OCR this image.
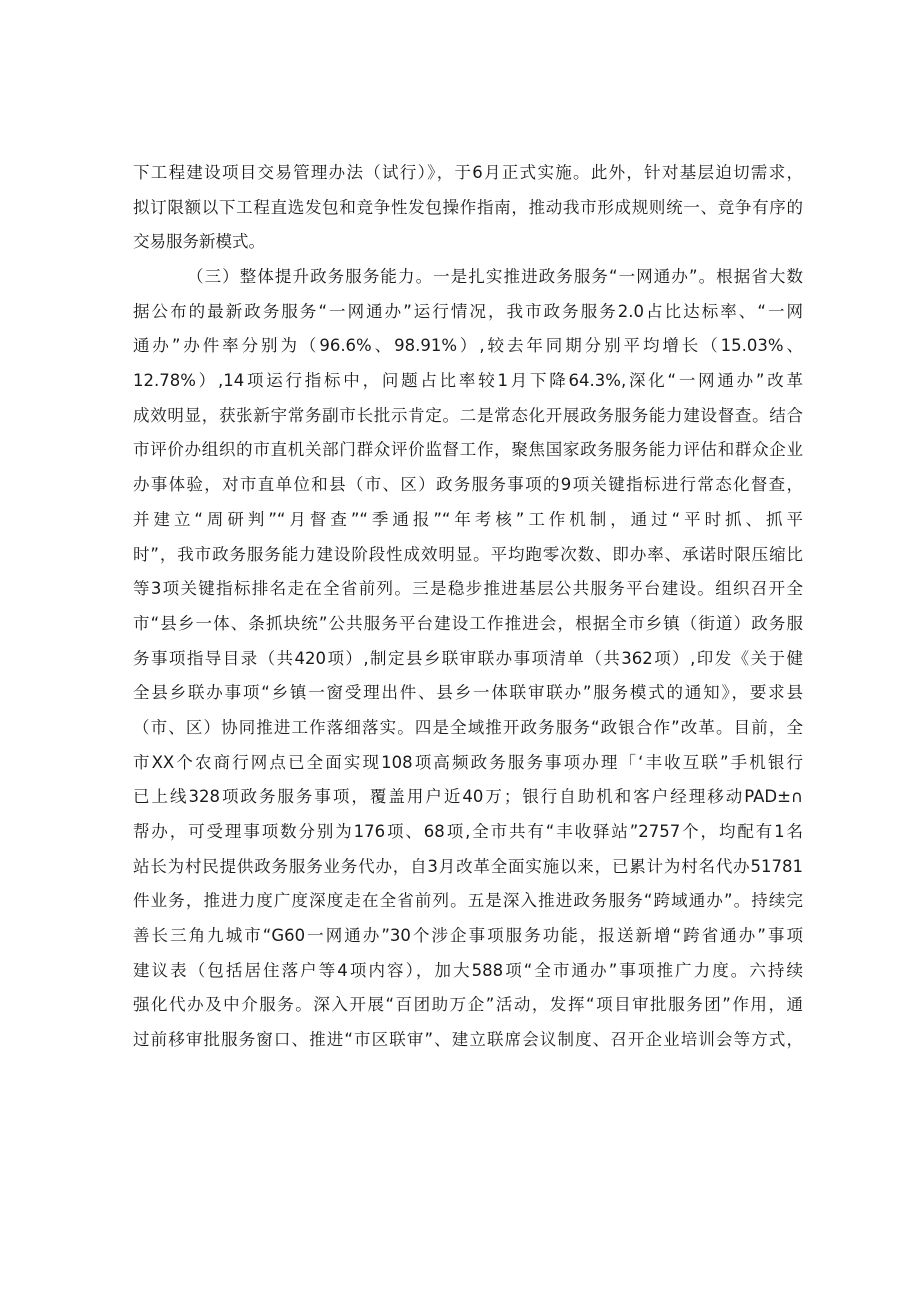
下工程建设项目交易管理办法（试行）》，于6月正式实施。此外，针对基层迫切需求，
拟订限额以下工程直选发包和竞争性发包操作指南，推动我市形成规则统一、竞争有序的
交易服务新模式。
（三）整体提升政务服务能力。一是扎实推进政务服务“一网通办”。根据省大数
据公布的最新政务服务“一网通办”运行情况，我市政务服务2.0占比达标率、“一网
通办”办件率分别为（96.6%、98.91%）,较去年同期分别平均增长（15.03%、
12.78%）,14项运行指标中，问题占比率较1月下降64.3%,深化“一网通办”改革
成效明显，获张新宇常务副市长批示肯定。二是常态化开展政务服务能力建设督查。结合
市评价办组织的市直机关部门群众评价监督工作，聚焦国家政务服务能力评估和群众企业
办事体验，对市直单位和县（市、区）政务服务事项的9项关键指标进行常态化督查，
并建立“周研判”“月督查”“季通报”“年考核”工作机制，通过“平时抓、抓平
时”，我市政务服务能力建设阶段性成效明显。平均跑零次数、即办率、承诺时限压缩比
等3项关键指标排名走在全省前列。三是稳步推进基层公共服务平台建设。组织召开全
市“县乡一体、条抓块统”公共服务平台建设工作推进会，根据全市乡镇（街道）政务服
务事项指导目录（共420项）,制定县乡联审联办事项清单（共362项）,印发《关于健
全县乡联办事项“乡镇一窗受理出件、县乡一体联审联办”服务模式的通知》，要求县
（市、区）协同推进工作落细落实。四是全域推开政务服务“政银合作”改革。目前，全
市XX个农商行网点已全面实现108项高频政务服务事项办理「‘丰收互联”手机银行
已上线328项政务服务事项，覆盖用户近40万；银行自助机和客户经理移动PAD±∩
帮办，可受理事项数分别为176项、68项,全市共有“丰收驿站”2757个，均配有1名
站长为村民提供政务服务业务代办，自3月改革全面实施以来，已累计为村名代办51781
件业务，推进力度广度深度走在全省前列。五是深入推进政务服务“跨域通办”。持续完
善长三角九城市“G60一网通办”30个涉企事项服务功能，报送新增“跨省通办”事项
建议表（包括居住落户等4项内容），加大588项“全市通办”事项推广力度。六持续
强化代办及中介服务。深入开展“百团助万企”活动，发挥“项目审批服务团”作用，通
过前移审批服务窗口、推进“市区联审”、建立联席会议制度、召开企业培训会等方式，
